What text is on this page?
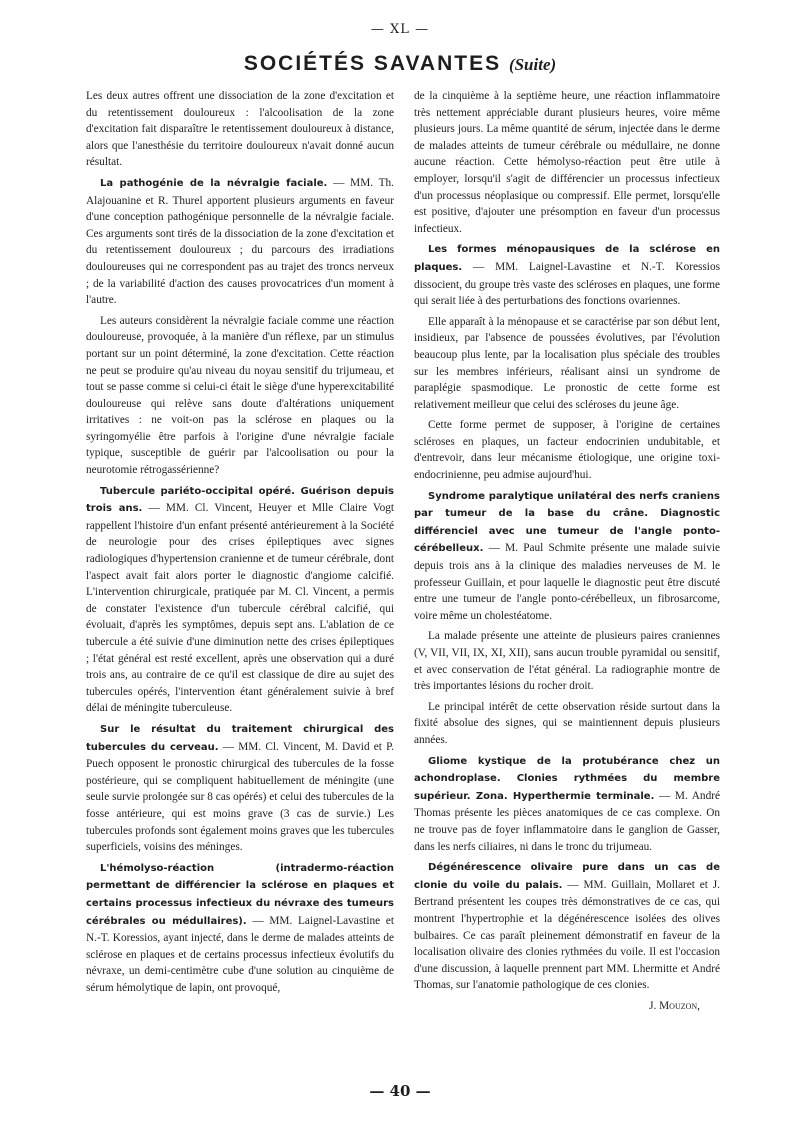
— XL —
SOCIÉTÉS SAVANTES (Suite)

Les deux autres offrent une dissociation de la zone d'excitation et du retentissement douloureux : l'alcoolisation de la zone d'excitation fait disparaître le retentissement douloureux à distance, alors que l'anesthésie du territoire douloureux n'avait donné aucun résultat.

La pathogénie de la névralgie faciale. — MM. Th. Alajouanine et R. Thurel apportent plusieurs arguments en faveur d'une conception pathogénique personnelle de la névralgie faciale. Ces arguments sont tirés de la dissociation de la zone d'excitation et du retentissement douloureux ; du parcours des irradiations douloureuses qui ne correspondent pas au trajet des troncs nerveux ; de la variabilité d'action des causes provocatrices d'un moment à l'autre.

Les auteurs considèrent la névralgie faciale comme une réaction douloureuse, provoquée, à la manière d'un réflexe, par un stimulus portant sur un point déterminé, la zone d'excitation. Cette réaction ne peut se produire qu'au niveau du noyau sensitif du trijumeau, et tout se passe comme si celui-ci était le siège d'une hyperexcitabilité douloureuse qui relève sans doute d'altérations uniquement irritatives : ne voit-on pas la sclérose en plaques ou la syringomyélie être parfois à l'origine d'une névralgie faciale typique, susceptible de guérir par l'alcoolisation ou pour la neurotomie rétrogassérienne?

Tubercule pariéto-occipital opéré. Guérison depuis trois ans. — MM. Cl. Vincent, Heuyer et Mlle Claire Vogt rappellent l'histoire d'un enfant présenté antérieurement à la Société de neurologie pour des crises épileptiques avec signes radiologiques d'hypertension cranienne et de tumeur cérébrale, dont l'aspect avait fait alors porter le diagnostic d'angiome calcifié. L'intervention chirurgicale, pratiquée par M. Cl. Vincent, a permis de constater l'existence d'un tubercule cérébral calcifié, qui évoluait, d'après les symptômes, depuis sept ans. L'ablation de ce tubercule a été suivie d'une diminution nette des crises épileptiques ; l'état général est resté excellent, après une observation qui a duré trois ans, au contraire de ce qu'il est classique de dire au sujet des tubercules opérés, l'intervention étant généralement suivie à bref délai de méningite tuberculeuse.

Sur le résultat du traitement chirurgical des tubercules du cerveau. — MM. Cl. Vincent, M. David et P. Puech opposent le pronostic chirurgical des tubercules de la fosse postérieure, qui se compliquent habituellement de méningite (une seule survie prolongée sur 8 cas opérés) et celui des tubercules de la fosse antérieure, qui est moins grave (3 cas de survie.) Les tubercules profonds sont également moins graves que les tubercules superficiels, voisins des méninges.

L'hémolyso-réaction (intradermo-réaction permettant de différencier la sclérose en plaques et certains processus infectieux du névraxe des tumeurs cérébrales ou médullaires). — MM. Laignel-Lavastine et N.-T. Koressios, ayant injecté, dans le derme de malades atteints de sclérose en plaques et de certains processus infectieux évolutifs du névraxe, un demi-centimètre cube d'une solution au cinquième de sérum hémolytique de lapin, ont provoqué,

de la cinquième à la septième heure, une réaction inflammatoire très nettement appréciable durant plusieurs heures, voire même plusieurs jours. La même quantité de sérum, injectée dans le derme de malades atteints de tumeur cérébrale ou médullaire, ne donne aucune réaction. Cette hémolyso-réaction peut être utile à employer, lorsqu'il s'agit de différencier un processus infectieux d'un processus néoplasique ou compressif. Elle permet, lorsqu'elle est positive, d'ajouter une présomption en faveur d'un processus infectieux.

Les formes ménopausiques de la sclérose en plaques. — MM. Laignel-Lavastine et N.-T. Koressios dissocient, du groupe très vaste des scléroses en plaques, une forme qui serait liée à des perturbations des fonctions ovariennes.

Elle apparaît à la ménopause et se caractérise par son début lent, insidieux, par l'absence de poussées évolutives, par l'évolution beaucoup plus lente, par la localisation plus spéciale des troubles sur les membres inférieurs, réalisant ainsi un syndrome de paraplégie spasmodique. Le pronostic de cette forme est relativement meilleur que celui des scléroses du jeune âge.

Cette forme permet de supposer, à l'origine de certaines scléroses en plaques, un facteur endocrinien undubitable, et d'entrevoir, dans leur mécanisme étiologique, une origine toxi-endocrinienne, peu admise aujourd'hui.

Syndrome paralytique unilatéral des nerfs craniens par tumeur de la base du crâne. Diagnostic différenciel avec une tumeur de l'angle ponto-cérébelleux. — M. Paul Schmite présente une malade suivie depuis trois ans à la clinique des maladies nerveuses de M. le professeur Guillain, et pour laquelle le diagnostic peut être discuté entre une tumeur de l'angle ponto-cérébelleux, un fibrosarcome, voire même un cholestéatome.

La malade présente une atteinte de plusieurs paires craniennes (V, VII, VII, IX, XI, XII), sans aucun trouble pyramidal ou sensitif, et avec conservation de l'état général. La radiographie montre de très importantes lésions du rocher droit.

Le principal intérêt de cette observation réside surtout dans la fixité absolue des signes, qui se maintiennent depuis plusieurs années.

Gliome kystique de la protubérance chez un achondroplase. Clonies rythmées du membre supérieur. Zona. Hyperthermie terminale. — M. André Thomas présente les pièces anatomiques de ce cas complexe. On ne trouve pas de foyer inflammatoire dans le ganglion de Gasser, dans les nerfs ciliaires, ni dans le tronc du trijumeau.

Dégénérescence olivaire pure dans un cas de clonie du voile du palais. — MM. Guillain, Mollaret et J. Bertrand présentent les coupes très démonstratives de ce cas, qui montrent l'hypertrophie et la dégénérescence isolées des olives bulbaires. Ce cas paraît pleinement démonstratif en faveur de la localisation olivaire des clonies rythmées du voile. Il est l'occasion d'une discussion, à laquelle prennent part MM. Lhermitte et André Thomas, sur l'anatomie pathologique de ces clonies.

J. Mouzon,
— 40 —
